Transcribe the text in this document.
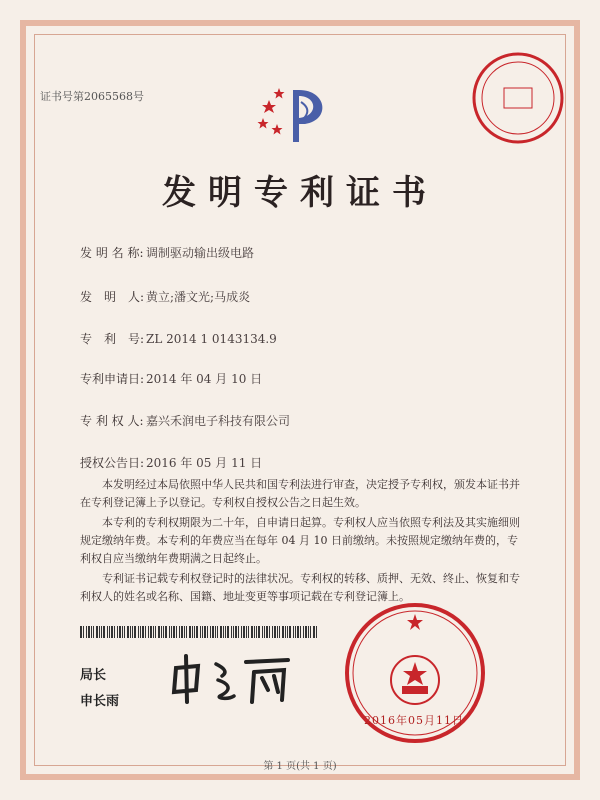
证书号第2065568号
发明专利证书
发 明 名 称: 调制驱动输出级电路
发　明　人: 黄立;潘文光;马成炎
专　利　号: ZL 2014 1 0143134.9
专利申请日: 2014 年 04 月 10 日
专 利 权 人: 嘉兴禾润电子科技有限公司
授权公告日: 2016 年 05 月 11 日

本发明经过本局依照中华人民共和国专利法进行审查，决定授予专利权，颁发本证书并在专利登记簿上予以登记。专利权自授权公告之日起生效。

本专利的专利权期限为二十年，自申请日起算。专利权人应当依照专利法及其实施细则规定缴纳年费。本专利的年费应当在每年 04 月 10 日前缴纳。未按照规定缴纳年费的，专利权自应当缴纳年费期满之日起终止。

专利证书记载专利权登记时的法律状况。专利权的转移、质押、无效、终止、恢复和专利权人的姓名或名称、国籍、地址变更等事项记载在专利登记簿上。

局长
申长雨
2016年05月11日
第 1 页(共 1 页)
